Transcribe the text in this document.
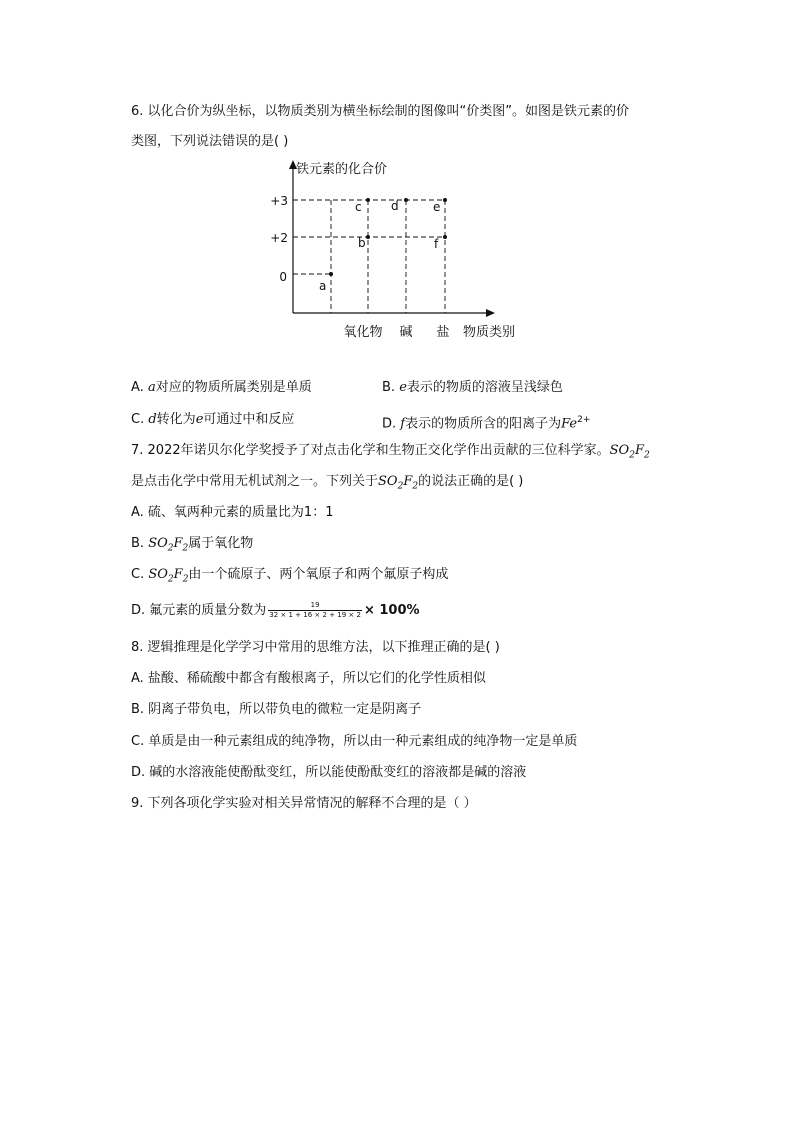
6. 以化合价为纵坐标，以物质类别为横坐标绘制的图像叫“价类图”。如图是铁元素的价
类图，下列说法错误的是( )
铁元素的化合价
+3
+2
0
a
b
c d	e
f
氧化物 碱 盐 物质类别
A. a对应的物质所属类别是单质	B. e表示的物质的溶液呈浅绿色
C. d转化为e可通过中和反应	D. f表示的物质所含的阳离子为$Fe^{2+}$
7. 2022年诺贝尔化学奖授予了对点击化学和生物正交化学作出贡献的三位科学家。$SO_2F_2$
是点击化学中常用无机试剂之一。下列关于$SO_2F_2$的说法正确的是( )
A. 硫、氧两种元素的质量比为1：1
B. $SO_2F_2$属于氧化物
C. $SO_2F_2$由一个硫原子、两个氧原子和两个氟原子构成
D. 氟元素的质量分数为 $\frac{19}{32 \times 1 + 16 \times 2 + 19 \times 2} \times 100\%$
8. 逻辑推理是化学学习中常用的思维方法，以下推理正确的是( )
A. 盐酸、稀硫酸中都含有酸根离子，所以它们的化学性质相似
B. 阴离子带负电，所以带负电的微粒一定是阴离子
C. 单质是由一种元素组成的纯净物，所以由一种元素组成的纯净物一定是单质
D. 碱的水溶液能使酚酞变红，所以能使酚酞变红的溶液都是碱的溶液
9. 下列各项化学实验对相关异常情况的解释不合理的是（ ）
